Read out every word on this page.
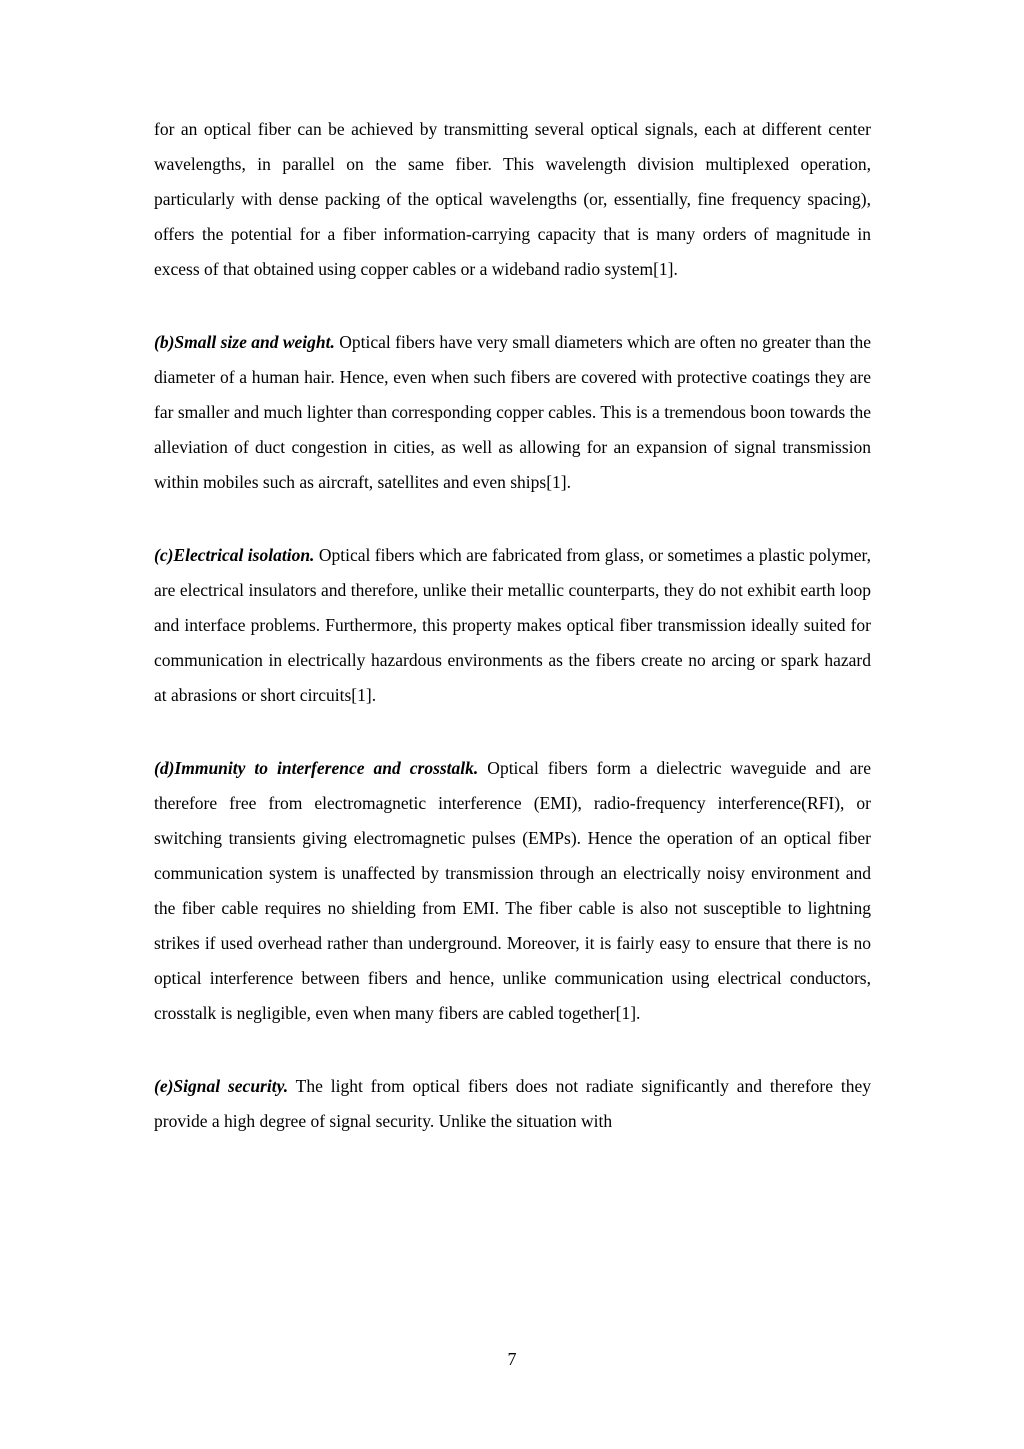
for an optical fiber can be achieved by transmitting several optical signals, each at different center wavelengths, in parallel on the same fiber. This wavelength division multiplexed operation, particularly with dense packing of the optical wavelengths (or, essentially, fine frequency spacing), offers the potential for a fiber information-carrying capacity that is many orders of magnitude in excess of that obtained using copper cables or a wideband radio system[1].

(b)Small size and weight. Optical fibers have very small diameters which are often no greater than the diameter of a human hair. Hence, even when such fibers are covered with protective coatings they are far smaller and much lighter than corresponding copper cables. This is a tremendous boon towards the alleviation of duct congestion in cities, as well as allowing for an expansion of signal transmission within mobiles such as aircraft, satellites and even ships[1].

(c)Electrical isolation. Optical fibers which are fabricated from glass, or sometimes a plastic polymer, are electrical insulators and therefore, unlike their metallic counterparts, they do not exhibit earth loop and interface problems. Furthermore, this property makes optical fiber transmission ideally suited for communication in electrically hazardous environments as the fibers create no arcing or spark hazard at abrasions or short circuits[1].

(d)Immunity to interference and crosstalk. Optical fibers form a dielectric waveguide and are therefore free from electromagnetic interference (EMI), radio-frequency interference(RFI), or switching transients giving electromagnetic pulses (EMPs). Hence the operation of an optical fiber communication system is unaffected by transmission through an electrically noisy environment and the fiber cable requires no shielding from EMI. The fiber cable is also not susceptible to lightning strikes if used overhead rather than underground. Moreover, it is fairly easy to ensure that there is no optical interference between fibers and hence, unlike communication using electrical conductors, crosstalk is negligible, even when many fibers are cabled together[1].

(e)Signal security. The light from optical fibers does not radiate significantly and therefore they provide a high degree of signal security. Unlike the situation with

7
